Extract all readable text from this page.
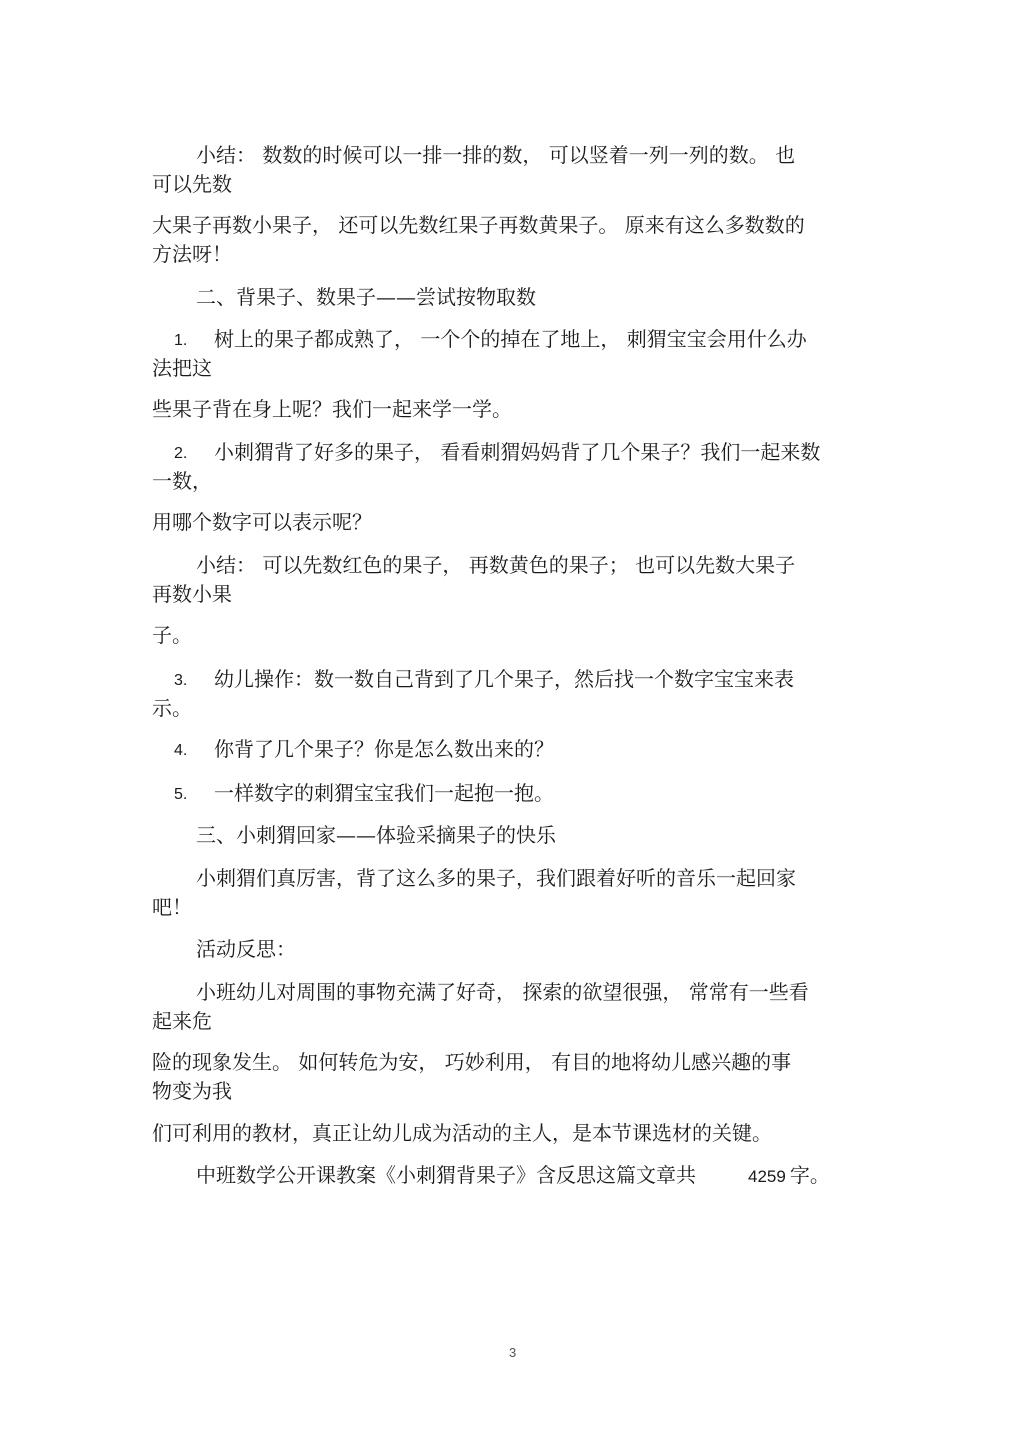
小结： 数数的时候可以一排一排的数， 可以竖着一列一列的数。 也
可以先数
大果子再数小果子， 还可以先数红果子再数黄果子。 原来有这么多数数的
方法呀！
二、背果子、数果子——尝试按物取数
1. 树上的果子都成熟了， 一个个的掉在了地上， 刺猬宝宝会用什么办
法把这
些果子背在身上呢？我们一起来学一学。
2. 小刺猬背了好多的果子， 看看刺猬妈妈背了几个果子？我们一起来数
一数，
用哪个数字可以表示呢？
小结： 可以先数红色的果子， 再数黄色的果子； 也可以先数大果子
再数小果
子。
3. 幼儿操作：数一数自己背到了几个果子，然后找一个数字宝宝来表
示。
4. 你背了几个果子？你是怎么数出来的？
5. 一样数字的刺猬宝宝我们一起抱一抱。
三、小刺猬回家——体验采摘果子的快乐
小刺猬们真厉害，背了这么多的果子，我们跟着好听的音乐一起回家
吧！
活动反思：
小班幼儿对周围的事物充满了好奇， 探索的欲望很强， 常常有一些看
起来危
险的现象发生。 如何转危为安， 巧妙利用， 有目的地将幼儿感兴趣的事
物变为我
们可利用的教材，真正让幼儿成为活动的主人，是本节课选材的关键。
中班数学公开课教案《小刺猬背果子》含反思这篇文章共	4259 字。
3
